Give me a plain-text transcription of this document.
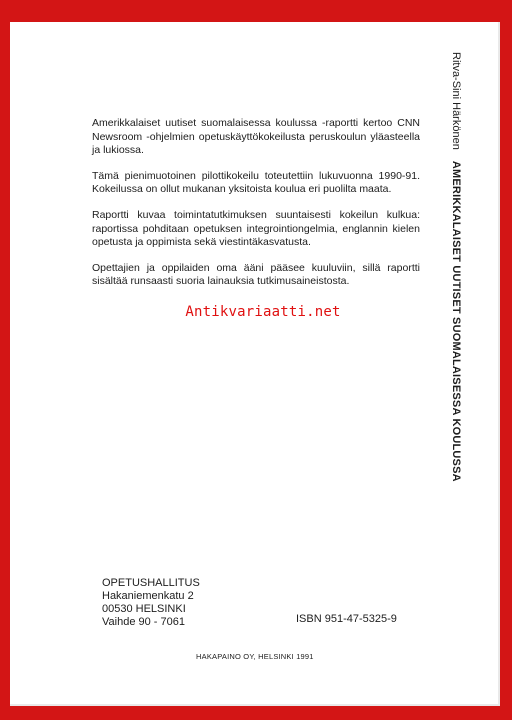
Ritva-Sini Härkönen AMERIKKALAISET UUTISET SUOMALAISESSA KOULUSSA

Amerikkalaiset uutiset suomalaisessa koulussa -raportti kertoo CNN Newsroom -ohjelmien opetuskäyttökokeilusta peruskoulun yläasteella ja lukiossa.

Tämä pienimuotoinen pilottikokeilu toteutettiin lukuvuonna 1990-91. Kokeilussa on ollut mukanan yksitoista koulua eri puolilta maata.

Raportti kuvaa toimintatutkimuksen suuntaisesti kokeilun kulkua: raportissa pohditaan opetuksen integrointiongelmia, englannin kielen opetusta ja oppimista sekä viestintäkasvatusta.

Opettajien ja oppilaiden oma ääni pääsee kuuluviin, sillä raportti sisältää runsaasti suoria lainauksia tutkimusaineistosta.

Antikvariaatti.net
OPETUSHALLITUS
Hakaniemenkatu 2
00530 HELSINKI
Vaihde 90 - 7061	ISBN 951-47-5325-9
HAKAPAINO OY, HELSINKI 1991
